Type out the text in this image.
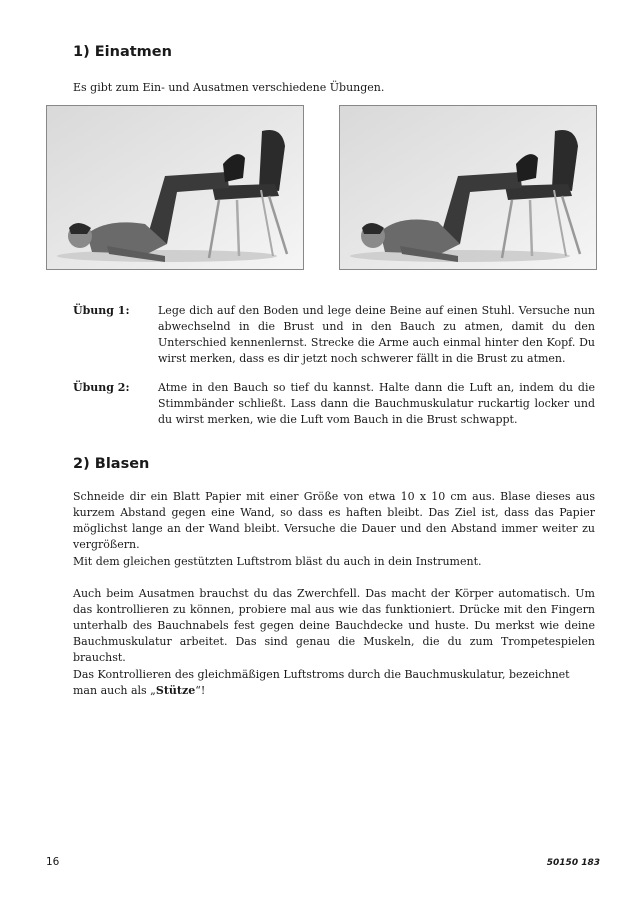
1) Einatmen

Es gibt zum Ein- und Ausatmen verschiedene Übungen.

Übung 1:	Lege dich auf den Boden und lege deine Beine auf einen Stuhl. Versuche nun abwechselnd in die Brust und in den Bauch zu atmen, damit du den Unterschied kennenlernst. Strecke die Arme auch einmal hinter den Kopf. Du wirst merken, dass es dir jetzt noch schwerer fällt in die Brust zu atmen.

Übung 2:	Atme in den Bauch so tief du kannst. Halte dann die Luft an, indem du die Stimmbänder schließt. Lass dann die Bauchmuskulatur ruckartig locker und du wirst merken, wie die Luft vom Bauch in die Brust schwappt.

2) Blasen

Schneide dir ein Blatt Papier mit einer Größe von etwa 10 x 10 cm aus. Blase dieses aus kurzem Abstand gegen eine Wand, so dass es haften bleibt. Das Ziel ist, dass das Papier möglichst lange an der Wand bleibt. Versuche die Dauer und den Abstand immer weiter zu vergrößern.

Mit dem gleichen gestützten Luftstrom bläst du auch in dein Instrument.

Auch beim Ausatmen brauchst du das Zwerchfell. Das macht der Körper automatisch. Um das kontrollieren zu können, probiere mal aus wie das funktioniert. Drücke mit den Fingern unterhalb des Bauchnabels fest gegen deine Bauchdecke und huste. Du merkst wie deine Bauchmuskulatur arbeitet. Das sind genau die Muskeln, die du zum Trompetespielen brauchst.

Das Kontrollieren des gleichmäßigen Luftstroms durch die Bauchmuskulatur, bezeichnet man auch als „Stütze“!

16	50150 183
